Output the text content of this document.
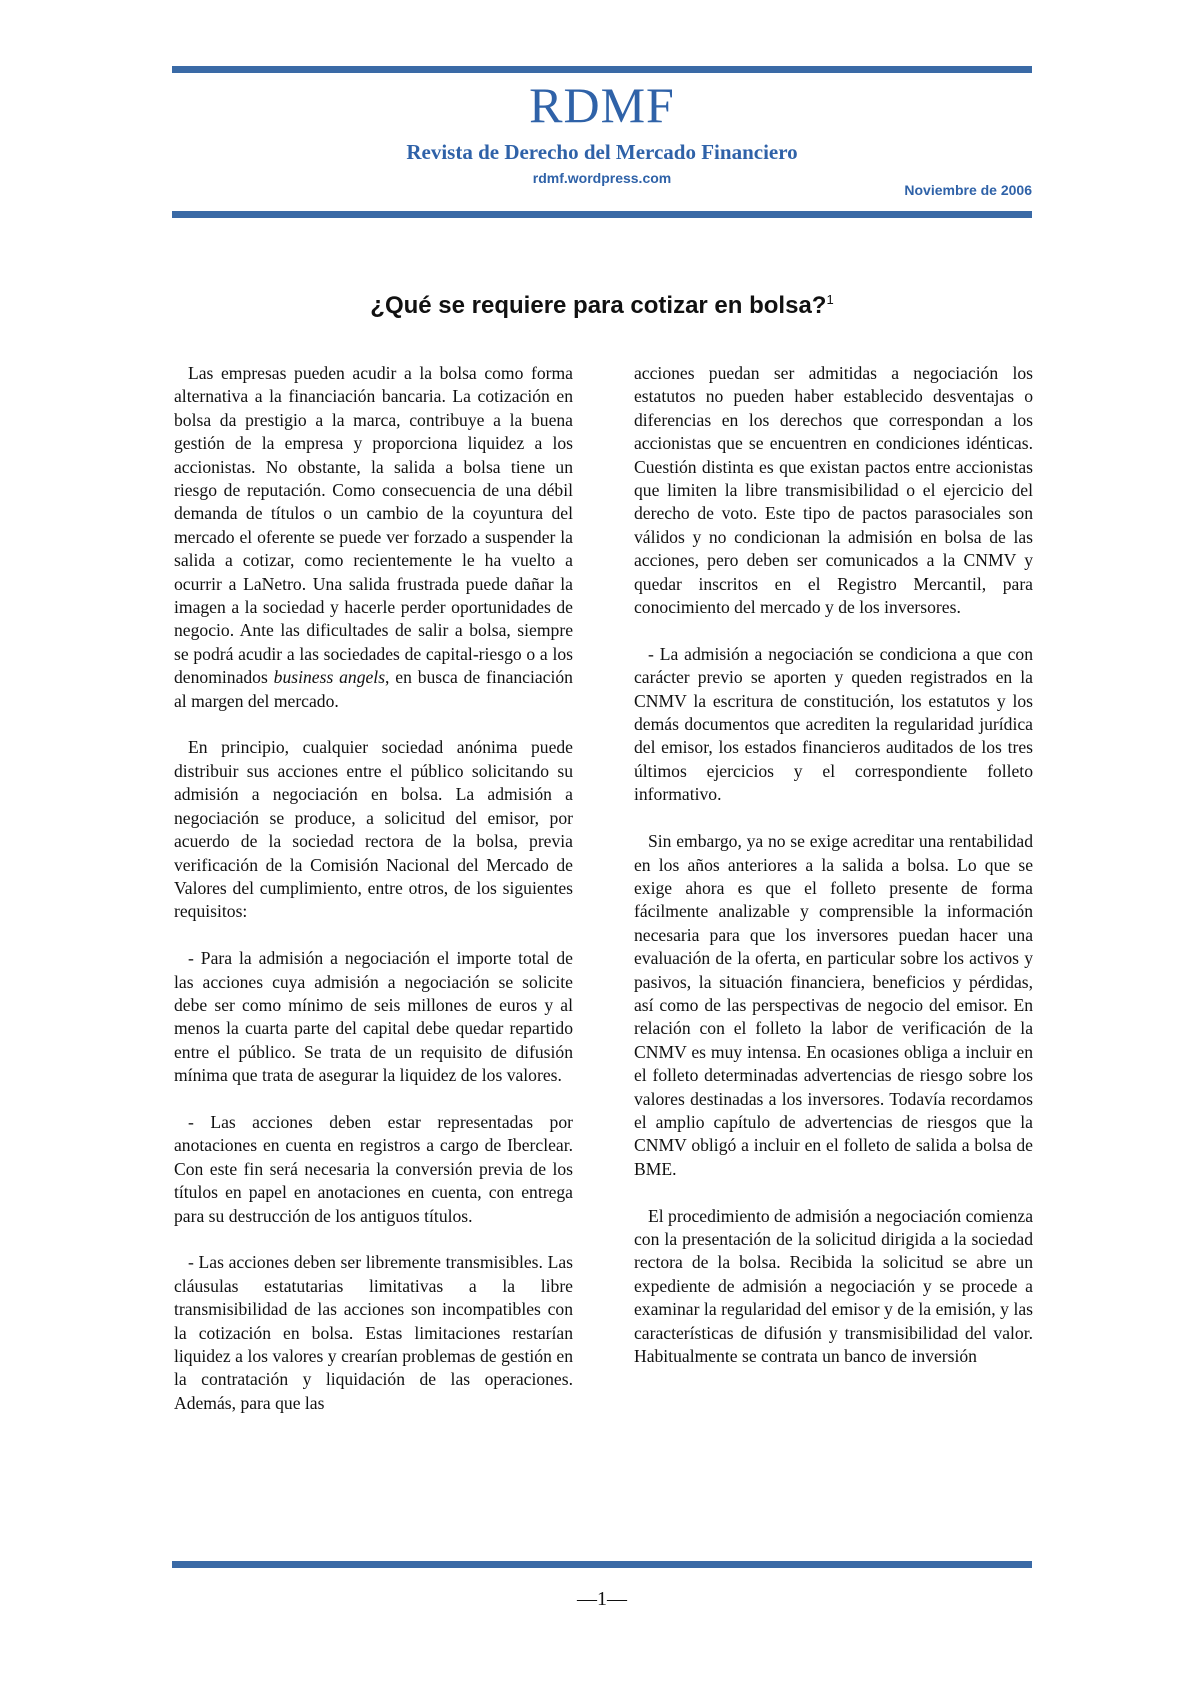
RDMF
Revista de Derecho del Mercado Financiero
rdmf.wordpress.com
Noviembre de 2006
¿Qué se requiere para cotizar en bolsa?$^1$

Las empresas pueden acudir a la bolsa como forma alternativa a la financiación bancaria. La cotización en bolsa da prestigio a la marca, contribuye a la buena gestión de la empresa y proporciona liquidez a los accionistas. No obstante, la salida a bolsa tiene un riesgo de reputación. Como consecuencia de una débil demanda de títulos o un cambio de la coyuntura del mercado el oferente se puede ver forzado a suspender la salida a cotizar, como recientemente le ha vuelto a ocurrir a LaNetro. Una salida frustrada puede dañar la imagen a la sociedad y hacerle perder oportunidades de negocio. Ante las dificultades de salir a bolsa, siempre se podrá acudir a las sociedades de capital-riesgo o a los denominados business angels, en busca de financiación al margen del mercado.

En principio, cualquier sociedad anónima puede distribuir sus acciones entre el público solicitando su admisión a negociación en bolsa. La admisión a negociación se produce, a solicitud del emisor, por acuerdo de la sociedad rectora de la bolsa, previa verificación de la Comisión Nacional del Mercado de Valores del cumplimiento, entre otros, de los siguientes requisitos:

- Para la admisión a negociación el importe total de las acciones cuya admisión a negociación se solicite debe ser como mínimo de seis millones de euros y al menos la cuarta parte del capital debe quedar repartido entre el público. Se trata de un requisito de difusión mínima que trata de asegurar la liquidez de los valores.

- Las acciones deben estar representadas por anotaciones en cuenta en registros a cargo de Iberclear. Con este fin será necesaria la conversión previa de los títulos en papel en anotaciones en cuenta, con entrega para su destrucción de los antiguos títulos.

- Las acciones deben ser libremente transmisibles. Las cláusulas estatutarias limitativas a la libre transmisibilidad de las acciones son incompatibles con la cotización en bolsa. Estas limitaciones restarían liquidez a los valores y crearían problemas de gestión en la contratación y liquidación de las operaciones. Además, para que las

acciones puedan ser admitidas a negociación los estatutos no pueden haber establecido desventajas o diferencias en los derechos que correspondan a los accionistas que se encuentren en condiciones idénticas. Cuestión distinta es que existan pactos entre accionistas que limiten la libre transmisibilidad o el ejercicio del derecho de voto. Este tipo de pactos parasociales son válidos y no condicionan la admisión en bolsa de las acciones, pero deben ser comunicados a la CNMV y quedar inscritos en el Registro Mercantil, para conocimiento del mercado y de los inversores.

- La admisión a negociación se condiciona a que con carácter previo se aporten y queden registrados en la CNMV la escritura de constitución, los estatutos y los demás documentos que acrediten la regularidad jurídica del emisor, los estados financieros auditados de los tres últimos ejercicios y el correspondiente folleto informativo.

Sin embargo, ya no se exige acreditar una rentabilidad en los años anteriores a la salida a bolsa. Lo que se exige ahora es que el folleto presente de forma fácilmente analizable y comprensible la información necesaria para que los inversores puedan hacer una evaluación de la oferta, en particular sobre los activos y pasivos, la situación financiera, beneficios y pérdidas, así como de las perspectivas de negocio del emisor. En relación con el folleto la labor de verificación de la CNMV es muy intensa. En ocasiones obliga a incluir en el folleto determinadas advertencias de riesgo sobre los valores destinadas a los inversores. Todavía recordamos el amplio capítulo de advertencias de riesgos que la CNMV obligó a incluir en el folleto de salida a bolsa de BME.

El procedimiento de admisión a negociación comienza con la presentación de la solicitud dirigida a la sociedad rectora de la bolsa. Recibida la solicitud se abre un expediente de admisión a negociación y se procede a examinar la regularidad del emisor y de la emisión, y las características de difusión y transmisibilidad del valor. Habitualmente se contrata un banco de inversión

—1—
